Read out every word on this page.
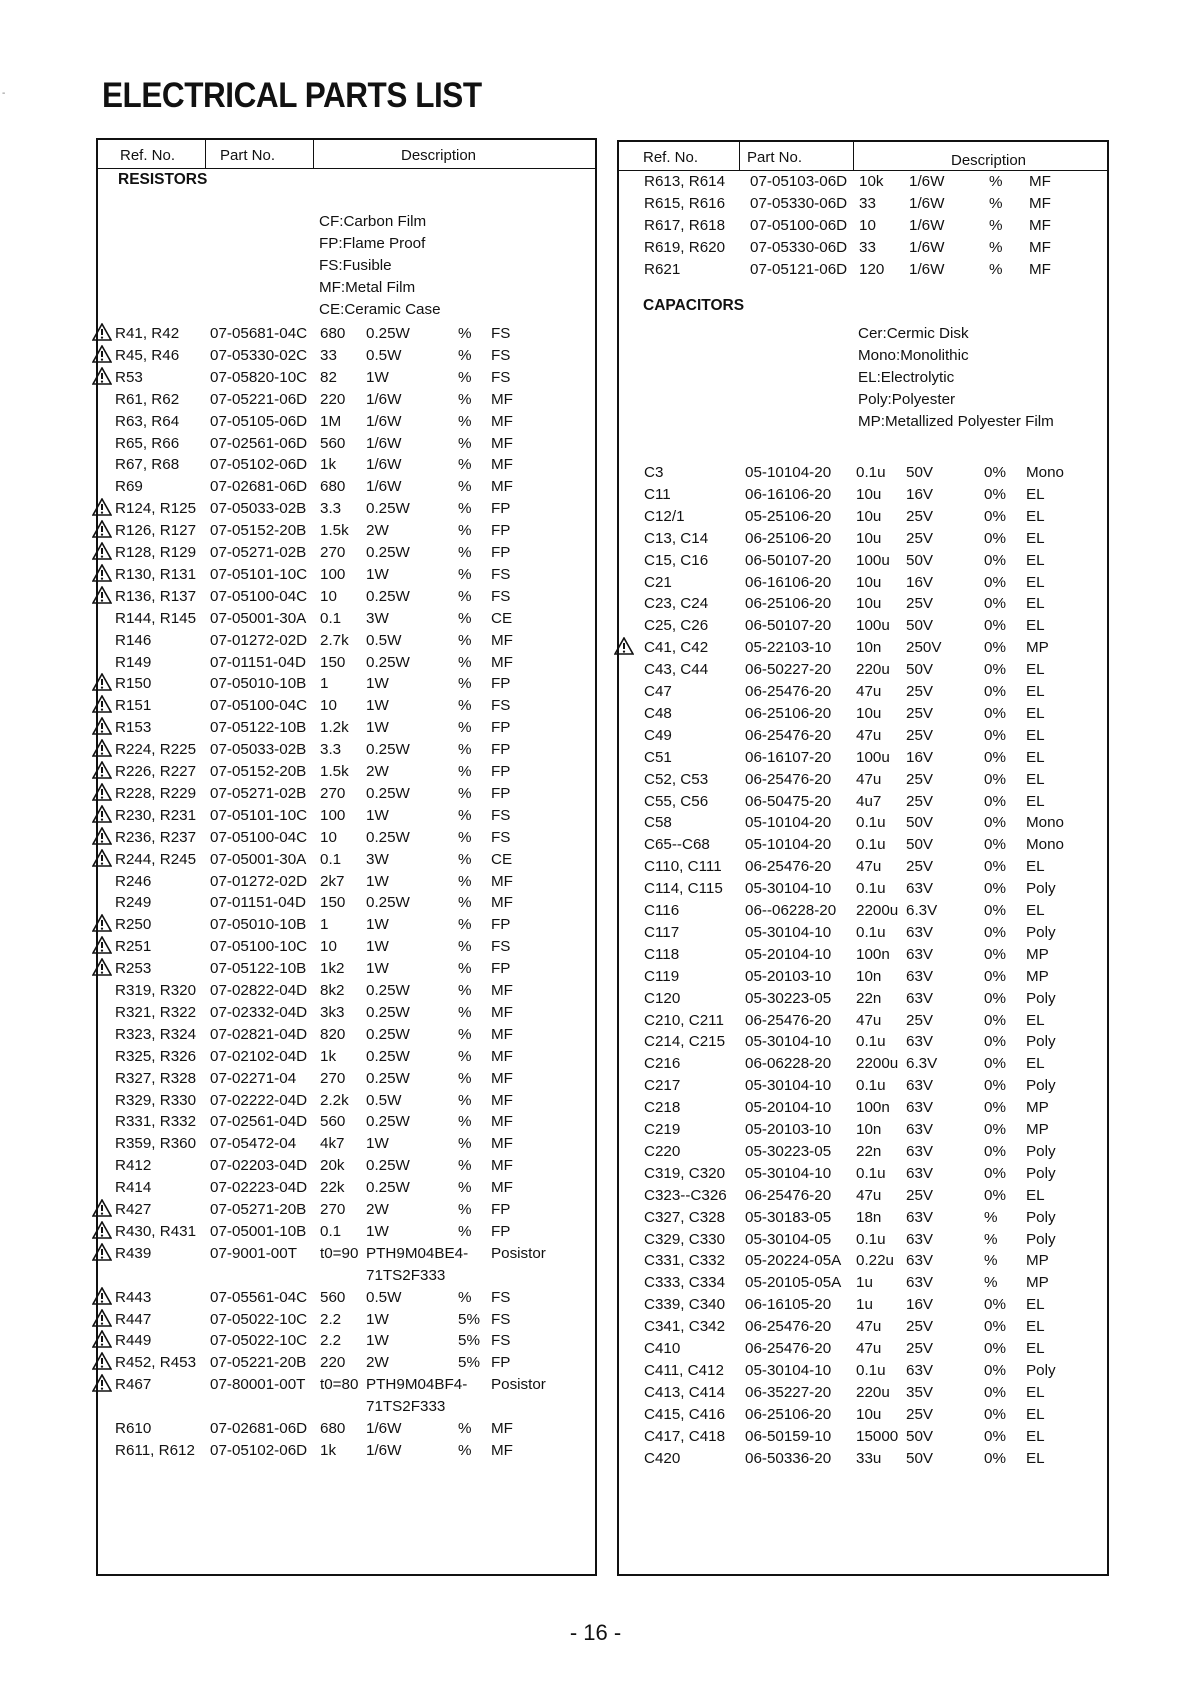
ELECTRICAL PARTS LIST
Ref. No.	Part No.	Description
RESISTORS
CF:Carbon Film
FP:Flame Proof
FS:Fusible
MF:Metal Film
CE:Ceramic Case
R41, R42 07-05681-04C 680 0.25W	% FS
R45, R46 07-05330-02C 33 0.5W	% FS
R53	07-05820-10C 82 1W	% FS
R61, R62 07-05221-06D 220 1/6W	% MF
R63, R64 07-05105-06D 1M 1/6W	% MF
R65, R66 07-02561-06D 560 1/6W	% MF
R67, R68 07-05102-06D 1k 1/6W	% MF
R69	07-02681-06D 680 1/6W	% MF
R124, R125 07-05033-02B 3.3 0.25W	% FP
R126, R127 07-05152-20B 1.5k 2W	% FP
R128, R129 07-05271-02B 270 0.25W	% FP
R130, R131 07-05101-10C 100 1W	% FS
R136, R137 07-05100-04C 10 0.25W	% FS
R144, R145 07-05001-30A 0.1 3W	% CE
R146	07-01272-02D 2.7k 0.5W	% MF
R149	07-01151-04D 150 0.25W	% MF
R150	07-05010-10B 1 1W	% FP
R151	07-05100-04C 10 1W	% FS
R153	07-05122-10B 1.2k 1W	% FP
R224, R225 07-05033-02B 3.3 0.25W	% FP
R226, R227 07-05152-20B 1.5k 2W	% FP
R228, R229 07-05271-02B 270 0.25W	% FP
R230, R231 07-05101-10C 100 1W	% FS
R236, R237 07-05100-04C 10 0.25W	% FS
R244, R245 07-05001-30A 0.1 3W	% CE
R246	07-01272-02D 2k7 1W	% MF
R249	07-01151-04D 150 0.25W	% MF
R250	07-05010-10B 1 1W	% FP
R251	07-05100-10C 10 1W	% FS
R253	07-05122-10B 1k2 1W	% FP
R319, R320 07-02822-04D 8k2 0.25W	% MF
R321, R322 07-02332-04D 3k3 0.25W	% MF
R323, R324 07-02821-04D 820 0.25W	% MF
R325, R326 07-02102-04D 1k 0.25W	% MF
R327, R328 07-02271-04 270 0.25W	% MF
R329, R330 07-02222-04D 2.2k 0.5W	% MF
R331, R332 07-02561-04D 560 0.25W	% MF
R359, R360 07-05472-04 4k7 1W	% MF
R412	07-02203-04D 20k 0.25W	% MF
R414	07-02223-04D 22k 0.25W	% MF
R427	07-05271-20B 270 2W	% FP
R430, R431 07-05001-10B 0.1 1W	% FP
R439	07-9001-00T t0=90 PTH9M04BE4- Posistor
71TS2F333
R443	07-05561-04C 560 0.5W	% FS
R447	07-05022-10C 2.2 1W	5% FS
R449	07-05022-10C 2.2 1W	5% FS
R452, R453 07-05221-20B 220 2W	5% FP
R467	07-80001-00T t0=80 PTH9M04BF4- Posistor
71TS2F333
R610	07-02681-06D 680 1/6W	% MF
R611, R612 07-05102-06D 1k 1/6W	% MF
Ref. No.	Part No.	Description
R613, R614 07-05103-06D 10k 1/6W	% MF
R615, R616 07-05330-06D 33 1/6W	% MF
R617, R618 07-05100-06D 10 1/6W	% MF
R619, R620 07-05330-06D 33 1/6W	% MF
R621	07-05121-06D 120 1/6W	% MF
CAPACITORS
Cer:Cermic Disk
Mono:Monolithic
EL:Electrolytic
Poly:Polyester
MP:Metallized Polyester Film
C3	05-10104-20 0.1u 50V	0% Mono
C11	06-16106-20 10u 16V	0% EL
C12/1	05-25106-20 10u 25V	0% EL
C13, C14 06-25106-20 10u 25V	0% EL
C15, C16 06-50107-20 100u 50V	0% EL
C21	06-16106-20 10u 16V	0% EL
C23, C24 06-25106-20 10u 25V	0% EL
C25, C26 06-50107-20 100u 50V	0% EL
C41, C42 05-22103-10 10n 250V	0% MP
C43, C44 06-50227-20 220u 50V	0% EL
C47	06-25476-20 47u 25V	0% EL
C48	06-25106-20 10u 25V	0% EL
C49	06-25476-20 47u 25V	0% EL
C51	06-16107-20 100u 16V	0% EL
C52, C53 06-25476-20 47u 25V	0% EL
C55, C56 06-50475-20 4u7 25V	0% EL
C58	05-10104-20 0.1u 50V	0% Mono
C65--C68 05-10104-20 0.1u 50V	0% Mono
C110, C111 06-25476-20 47u 25V	0% EL
C114, C115 05-30104-10 0.1u 63V	0% Poly
C116	06--06228-20 2200u 6.3V	0% EL
C117	05-30104-10 0.1u 63V	0% Poly
C118	05-20104-10 100n 63V	0% MP
C119	05-20103-10 10n 63V	0% MP
C120	05-30223-05 22n 63V	0% Poly
C210, C211 06-25476-20 47u 25V	0% EL
C214, C215 05-30104-10 0.1u 63V	0% Poly
C216	06-06228-20 2200u 6.3V	0% EL
C217	05-30104-10 0.1u 63V	0% Poly
C218	05-20104-10 100n 63V	0% MP
C219	05-20103-10 10n 63V	0% MP
C220	05-30223-05 22n 63V	0% Poly
C319, C320 05-30104-10 0.1u 63V	0% Poly
C323--C326 06-25476-20 47u 25V	0% EL
C327, C328 05-30183-05 18n 63V	% Poly
C329, C330 05-30104-05 0.1u 63V	% Poly
C331, C332 05-20224-05A 0.22u 63V	% MP
C333, C334 05-20105-05A 1u 63V	% MP
C339, C340 06-16105-20 1u 16V	0% EL
C341, C342 06-25476-20 47u 25V	0% EL
C410	06-25476-20 47u 25V	0% EL
C411, C412 05-30104-10 0.1u 63V	0% Poly
C413, C414 06-35227-20 220u 35V	0% EL
C415, C416 06-25106-20 10u 25V	0% EL
C417, C418 06-50159-10 15000 50V	0% EL
C420	06-50336-20 33u 50V	0% EL
- 16 -
-
